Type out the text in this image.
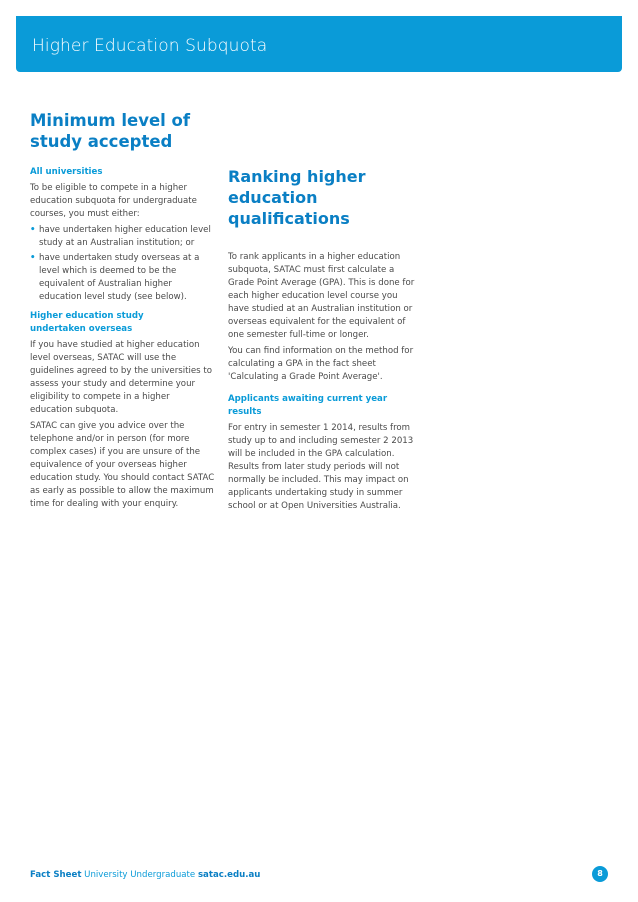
Higher Education Subquota
Minimum level of
study accepted
All universities

To be eligible to compete in a higher education subquota for undergraduate courses, you must either:

• have undertaken higher education level study at an Australian institution; or
• have undertaken study overseas at a level which is deemed to be the equivalent of Australian higher education level study (see below).
Higher education study
undertaken overseas

If you have studied at higher education level overseas, SATAC will use the guidelines agreed to by the universities to assess your study and determine your eligibility to compete in a higher education subquota.

SATAC can give you advice over the telephone and/or in person (for more complex cases) if you are unsure of the equivalence of your overseas higher education study. You should contact SATAC as early as possible to allow the maximum time for dealing with your enquiry.

Ranking higher
education qualifications

To rank applicants in a higher education subquota, SATAC must first calculate a Grade Point Average (GPA). This is done for each higher education level course you have studied at an Australian institution or overseas equivalent for the equivalent of one semester full-time or longer.

You can find information on the method for calculating a GPA in the fact sheet 'Calculating a Grade Point Average'.

Applicants awaiting current year results

For entry in semester 1 2014, results from study up to and including semester 2 2013 will be included in the GPA calculation. Results from later study periods will not normally be included. This may impact on applicants undertaking study in summer school or at Open Universities Australia.

Fact Sheet University Undergraduate satac.edu.au	8
